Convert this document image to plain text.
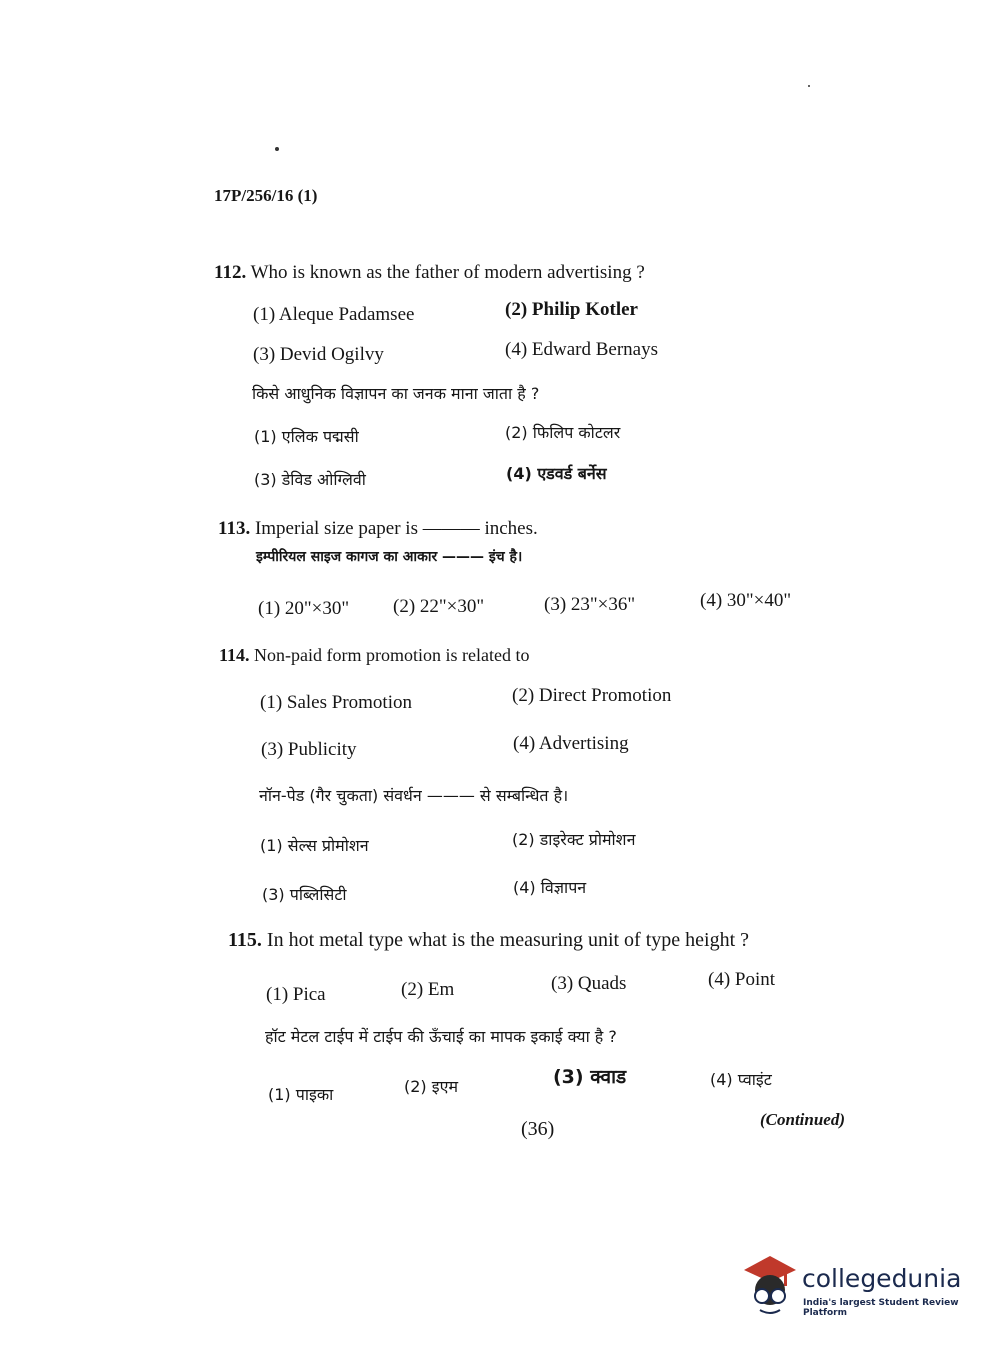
17P/256/16 (1)
112. Who is known as the father of modern advertising ?
(1) Aleque Padamsee	(2) Philip Kotler
(3) Devid Ogilvy	(4) Edward Bernays
किसे आधुनिक विज्ञापन का जनक माना जाता है ?
(1) एलिक पद्मसी	(2) फिलिप कोटलर
(3) डेविड ओग्लिवी	(4) एडवर्ड बर्नेस
113. Imperial size paper is ——— inches.
इम्पीरियल साइज कागज का आकार ——— इंच है।
(1) 20"×30" (2) 22"×30"	(3) 23"×36"	(4) 30"×40"
114. Non-paid form promotion is related to
(1) Sales Promotion	(2) Direct Promotion
(3) Publicity	(4) Advertising
नॉन-पेड (गैर चुकता) संवर्धन ——— से सम्बन्धित है।
(1) सेल्स प्रोमोशन	(2) डाइरेक्ट प्रोमोशन
(3) पब्लिसिटी	(4) विज्ञापन
115. In hot metal type what is the measuring unit of type height ?
(1) Pica	(2) Em	(3) Quads	(4) Point
हॉट मेटल टाईप में टाईप की ऊँचाई का मापक इकाई क्या है ?
(1) पाइका	(2) इएम	(3) क्वाड	(4) प्वाइंट
(36)	(Continued)
collegedunia
India's largest Student Review Platform
